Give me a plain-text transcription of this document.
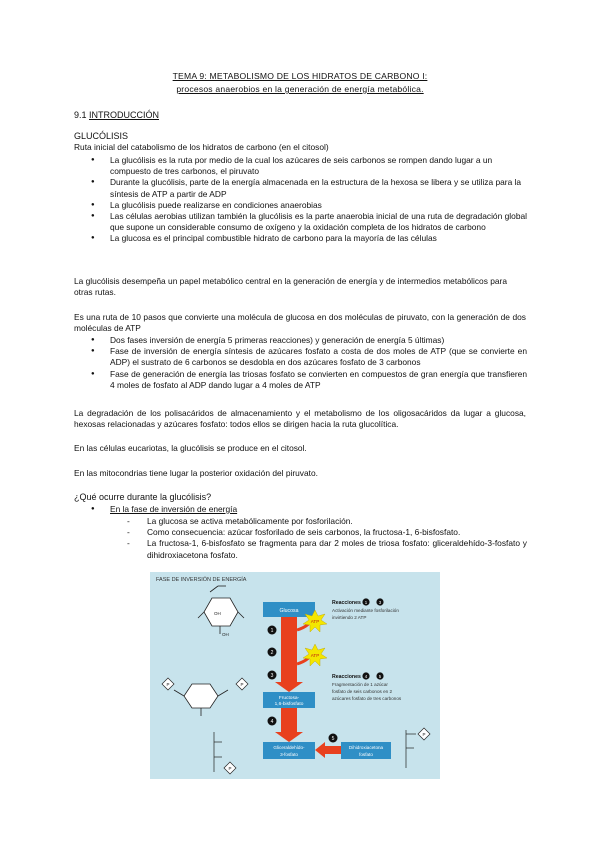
TEMA 9: METABOLISMO DE LOS HIDRATOS DE CARBONO I:
procesos anaerobios en la generación de energía metabólica.
9.1 INTRODUCCIÓN
GLUCÓLISIS
Ruta inicial del catabolismo de los hidratos de carbono (en el citosol)
● La glucólisis es la ruta por medio de la cual los azúcares de seis carbonos se rompen dando lugar a un compuesto de tres carbonos, el piruvato
● Durante la glucólisis, parte de la energía almacenada en la estructura de la hexosa se libera y se utiliza para la síntesis de ATP a partir de ADP
● La glucólisis puede realizarse en condiciones anaerobias
● Las células aerobias utilizan también la glucólisis es la parte anaerobia inicial de una ruta de degradación global que supone un considerable consumo de oxígeno y la oxidación completa de los hidratos de carbono
● La glucosa es el principal combustible hidrato de carbono para la mayoría de las células
La glucólisis desempeña un papel metabólico central en la generación de energía y de intermedios metabólicos para otras rutas.
Es una ruta de 10 pasos que convierte una molécula de glucosa en dos moléculas de piruvato, con la generación de dos moléculas de ATP
● Dos fases inversión de energía 5 primeras reacciones) y generación de energía 5 últimas)
● Fase de inversión de energía síntesis de azúcares fosfato a costa de dos moles de ATP (que se convierte en ADP) el sustrato de 6 carbonos se desdobla en dos azúcares fosfato de 3 carbonos
● Fase de generación de energía las triosas fosfato se convierten en compuestos de gran energía que transfieren 4 moles de fosfato al ADP dando lugar a 4 moles de ATP
La degradación de los polisacáridos de almacenamiento y el metabolismo de los oligosacáridos da lugar a glucosa, hexosas relacionadas y azúcares fosfato: todos ellos se dirigen hacia la ruta glucolítica.
En las células eucariotas, la glucólisis se produce en el citosol.
En las mitocondrias tiene lugar la posterior oxidación del piruvato.
¿Qué ocurre durante la glucólisis?
● En la fase de inversión de energía
- La glucosa se activa metabólicamente por fosforilación.
- Como consecuencia: azúcar fosforilado de seis carbonos, la fructosa-1, 6-bisfosfato.
- La fructosa-1, 6-bisfosfato se fragmenta para dar 2 moles de triosa fosfato: gliceraldehído-3-fosfato y dihidroxiacetona fosfato.
FASE DE INVERSIÓN DE ENERGÍA
OH
OH
Glucosa
ATP
ATP
1
2
3
4
5
Fructosa-
1,6-bisfosfato
P	P
Gliceraldehído-
3-fosfato
Dihidroxiacetona
fosfato
P
P
Reacciones 1	3
Activación mediante fosforilación
invirtiendo 2 ATP
Reacciones 4	5
Fragmentación de 1 azúcar
fosfato de seis carbonos en 2
azúcares fosfato de tres carbonos
